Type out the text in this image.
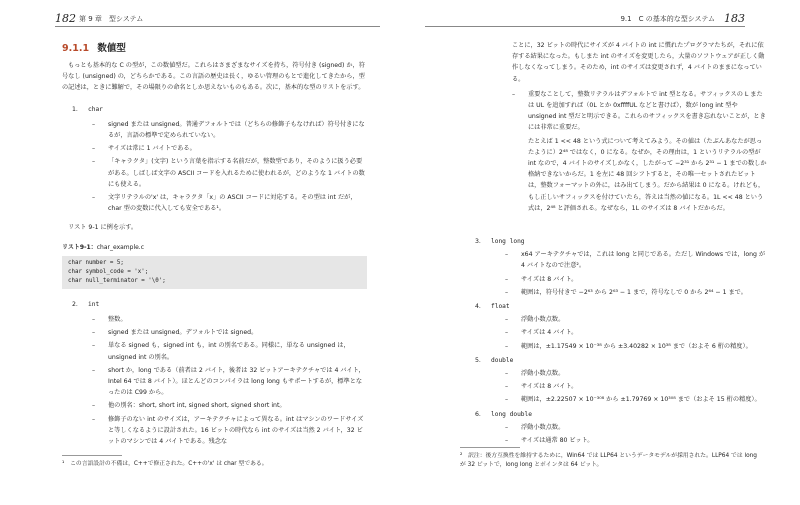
182 第 9 章　型システム
9.1.1 数値型

もっとも基本的な C の型が，この数値型だ。これらはさまざまなサイズを持ち，符号付き (signed) か，符号なし (unsigned) の，どちらかである。この言語の歴史は長く，ゆるい管理のもとで進化してきたから，型の記述は，ときに難解で，その場限りの命名としか思えないものもある。次に，基本的な型のリストを示す。

1.	char
– signed または unsigned。普通デフォルトでは（どちらの修飾子もなければ）符号付きになるが，言語の標準で定められていない。
– サイズは常に 1 バイトである。
– 「キャラクタ」(文字) という言葉を指示する名前だが，整数型であり，そのように扱う必要がある。しばしば文字の ASCII コードを入れるために使われるが，どのような 1 バイトの数にも使える。
– 文字リテラルの'x' は，キャラクタ「x」の ASCII コードに対応する。その型は int だが，char 型の変数に代入しても安全である¹。

リスト 9-1 に例を示す。

リスト9-1：char_example.c
char number = 5;
char symbol_code = 'x';
char null_terminator = '\0';
2.	int
– 整数。
– signed または unsigned。デフォルトでは signed。
– 単なる signed も，signed int も，int の別名である。同様に，単なる unsigned は，unsigned int の別名。
– short か，long である（前者は 2 バイト，後者は 32 ビットアーキテクチャでは 4 バイト，Intel 64 では 8 バイト）。ほとんどのコンパイラは long long もサポートするが，標準となったのは C99 から。
– 他の別名：short, short int, signed short, signed short int。
– 修飾子のない int のサイズは，アーキテクチャによって異なる。int はマシンのワードサイズと等しくなるように設計された。16 ビットの時代なら int のサイズは当然 2 バイト，32 ビットのマシンでは 4 バイトである。残念な
¹　この言語設計の不備は，C++で修正された。C++の'x' は char 型である。
9.1　C の基本的な型システム 183

ことに，32 ビットの時代にサイズが 4 バイトの int に慣れたプログラマたちが，それに依存する結果になった。もしまた int のサイズを変更したら，大量のソフトウェアが正しく動作しなくなってしまう。そのため，int のサイズは変更されず，4 バイトのままになっている。

– 重要なことして，整数リテラルはデフォルトで int 型となる。サフィックスの L または UL を追加すれば（0L とか 0xffffUL などと書けば），数が long int 型や unsigned int 型だと明示できる。これらのサフィックスを書き忘れないことが，ときには非常に重要だ。
たとえば 1 << 48 という式について考えてみよう。その値は（たぶんあなたが思ったように）2⁴⁸ ではなく，0 になる。なぜか，その理由は，1 というリテラルの型が int なので，4 バイトのサイズしかなく，したがって −2³¹ から 2³¹ − 1 までの数しか格納できないからだ。1 を左に 48 回シフトすると，その唯一セットされたビットは，整数フォーマットの外に，はみ出てしまう。だから結果は 0 になる。けれども，もし正しいサフィックスを付けていたら，答えは当然の値になる。1L << 48 という式は，2⁴⁸ と評価される。なぜなら，1L のサイズは 8 バイトだからだ。
3.	long long
– x64 アーキテクチャでは，これは long と同じである。ただし Windows では，long が 4 バイトなので注意²。
– サイズは 8 バイト。
– 範囲は，符号付きで −2⁶³ から 2⁶³ − 1 まで，符号なしで 0 から 2⁶⁴ − 1 まで。
4.	float
– 浮動小数点数。
– サイズは 4 バイト。
– 範囲は，±1.17549 × 10⁻³⁸ から ±3.40282 × 10³⁸ まで（およそ 6 桁の精度）。
5.	double
– 浮動小数点数。
– サイズは 8 バイト。
– 範囲は，±2.22507 × 10⁻³⁰⁸ から ±1.79769 × 10³⁰⁸ まで（およそ 15 桁の精度）。
6.	long double
– 浮動小数点数。
– サイズは通常 80 ビット。
²　訳注：後方互換性を維持するために，Win64 では LLP64 というデータモデルが採用された。LLP64 では long が 32 ビットで，long long とポインタは 64 ビット。
